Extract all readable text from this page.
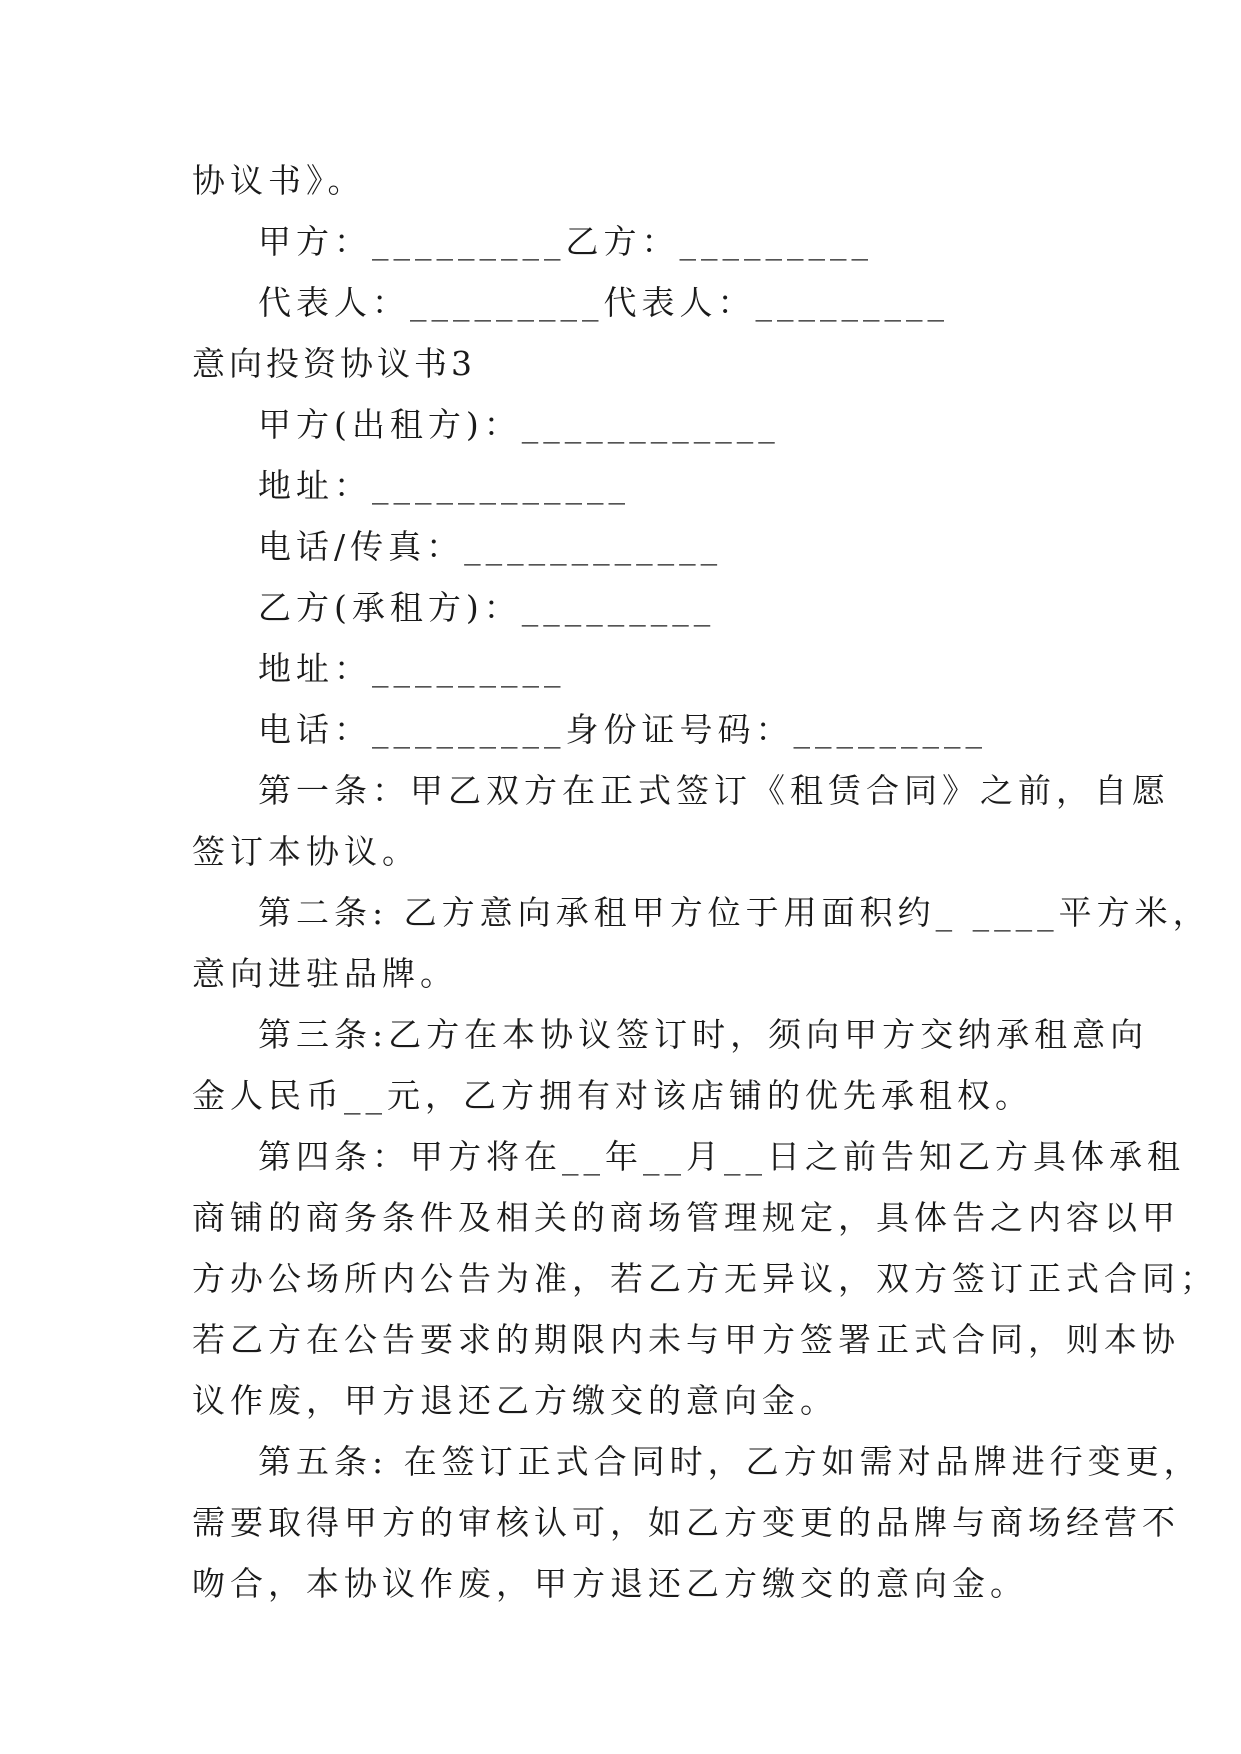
协议书》。
甲方：_________乙方：_________
代表人：_________代表人：_________
意向投资协议书3
甲方(出租方)：____________
地址：____________
电话/传真：____________
乙方(承租方)：_________
地址：_________
电话：_________身份证号码：_________
第一条：甲乙双方在正式签订《租赁合同》之前，自愿
签订本协议。
第二条: 乙方意向承租甲方位于用面积约_ ____平方米，
意向进驻品牌。
第三条:乙方在本协议签订时，须向甲方交纳承租意向
金人民币__元，乙方拥有对该店铺的优先承租权。
第四条：甲方将在__年__月__日之前告知乙方具体承租
商铺的商务条件及相关的商场管理规定，具体告之内容以甲
方办公场所内公告为准，若乙方无异议，双方签订正式合同；
若乙方在公告要求的期限内未与甲方签署正式合同，则本协
议作废，甲方退还乙方缴交的意向金。
第五条: 在签订正式合同时，乙方如需对品牌进行变更，
需要取得甲方的审核认可，如乙方变更的品牌与商场经营不
吻合，本协议作废，甲方退还乙方缴交的意向金。
